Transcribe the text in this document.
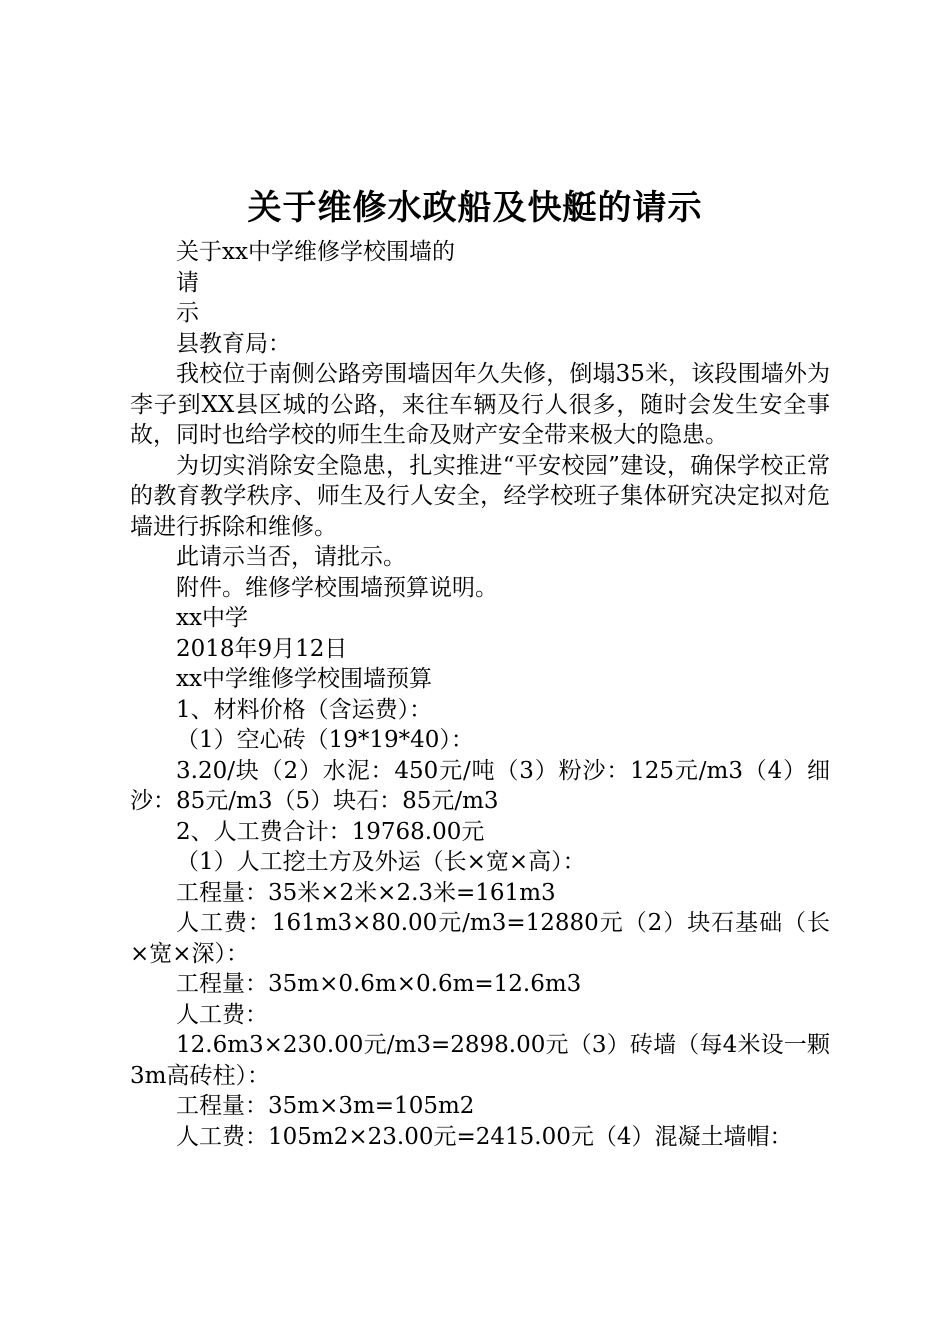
关于维修水政船及快艇的请示

关于xx中学维修学校围墙的

请

示

县教育局：

我校位于南侧公路旁围墙因年久失修，倒塌35米，该段围墙外为李子到XX县区城的公路，来往车辆及行人很多，随时会发生安全事故，同时也给学校的师生生命及财产安全带来极大的隐患。

为切实消除安全隐患，扎实推进“平安校园”建设，确保学校正常的教育教学秩序、师生及行人安全，经学校班子集体研究决定拟对危墙进行拆除和维修。

此请示当否，请批示。

附件。维修学校围墙预算说明。

xx中学

2018年9月12日

xx中学维修学校围墙预算

1、材料价格（含运费）：

（1）空心砖（19*19*40）：

3.20/块（2）水泥：450元/吨（3）粉沙：125元/m3（4）细沙：85元/m3（5）块石：85元/m3

2、人工费合计：19768.00元

（1）人工挖土方及外运（长×宽×高）：

工程量：35米×2米×2.3米=161m3

人工费：161m3×80.00元/m3=12880元（2）块石基础（长×宽×深）：

工程量：35m×0.6m×0.6m=12.6m3

人工费：

12.6m3×230.00元/m3=2898.00元（3）砖墙（每4米设一颗3m高砖柱）：

工程量：35m×3m=105m2

人工费：105m2×23.00元=2415.00元（4）混凝土墙帽：
